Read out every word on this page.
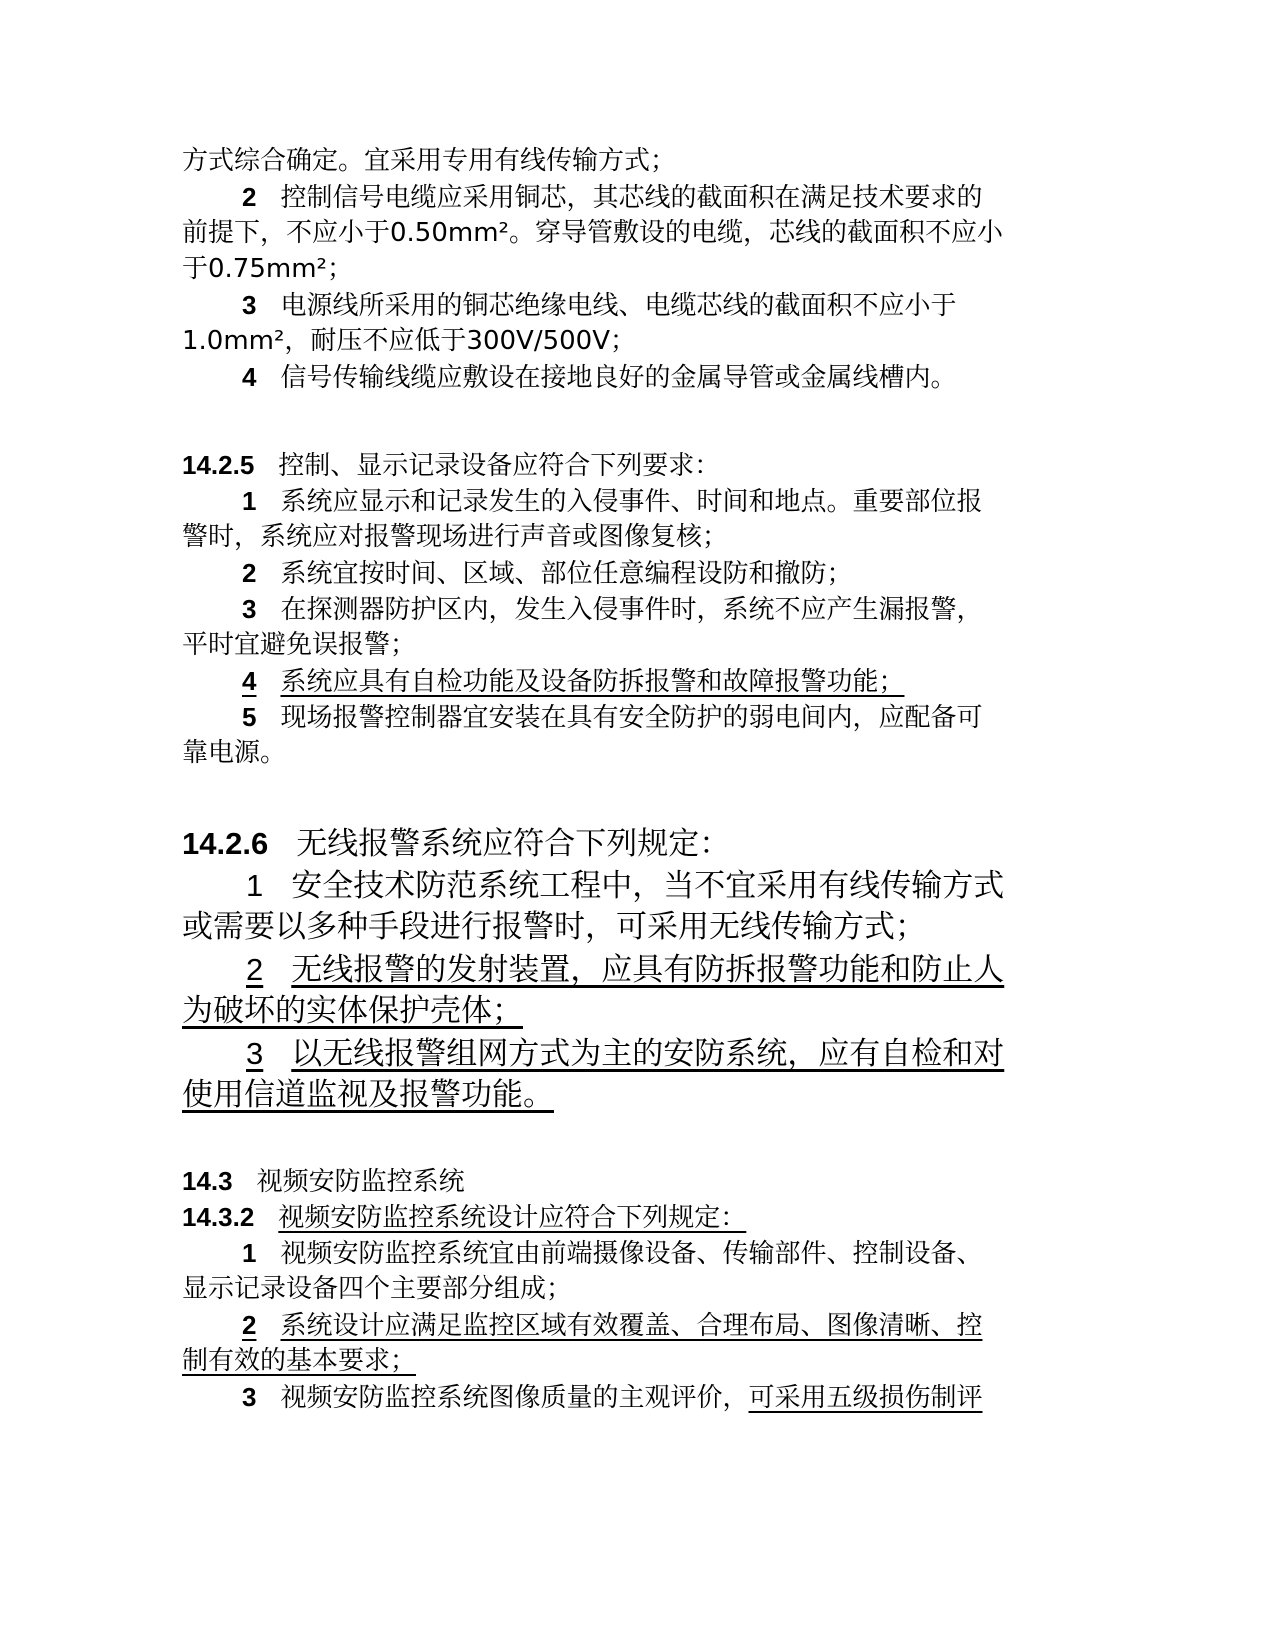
方式综合确定。宜采用专用有线传输方式；
2 控制信号电缆应采用铜芯，其芯线的截面积在满足技术要求的
前提下，不应小于0.50mm²。穿导管敷设的电缆，芯线的截面积不应小
于0.75mm²；
3 电源线所采用的铜芯绝缘电线、电缆芯线的截面积不应小于
1.0mm²，耐压不应低于300V/500V；
4 信号传输线缆应敷设在接地良好的金属导管或金属线槽内。
14.2.5 控制、显示记录设备应符合下列要求：
1 系统应显示和记录发生的入侵事件、时间和地点。重要部位报
警时，系统应对报警现场进行声音或图像复核；
2 系统宜按时间、区域、部位任意编程设防和撤防；
3 在探测器防护区内，发生入侵事件时，系统不应产生漏报警，
平时宜避免误报警；
4 系统应具有自检功能及设备防拆报警和故障报警功能；
5 现场报警控制器宜安装在具有安全防护的弱电间内，应配备可
靠电源。
14.2.6 无线报警系统应符合下列规定：
1 安全技术防范系统工程中，当不宜采用有线传输方式
或需要以多种手段进行报警时，可采用无线传输方式；
2 无线报警的发射装置，应具有防拆报警功能和防止人
为破坏的实体保护壳体；
3 以无线报警组网方式为主的安防系统，应有自检和对
使用信道监视及报警功能。
14.3 视频安防监控系统
14.3.2 视频安防监控系统设计应符合下列规定：
1 视频安防监控系统宜由前端摄像设备、传输部件、控制设备、
显示记录设备四个主要部分组成；
2 系统设计应满足监控区域有效覆盖、合理布局、图像清晰、控
制有效的基本要求；
3 视频安防监控系统图像质量的主观评价，可采用五级损伤制评
